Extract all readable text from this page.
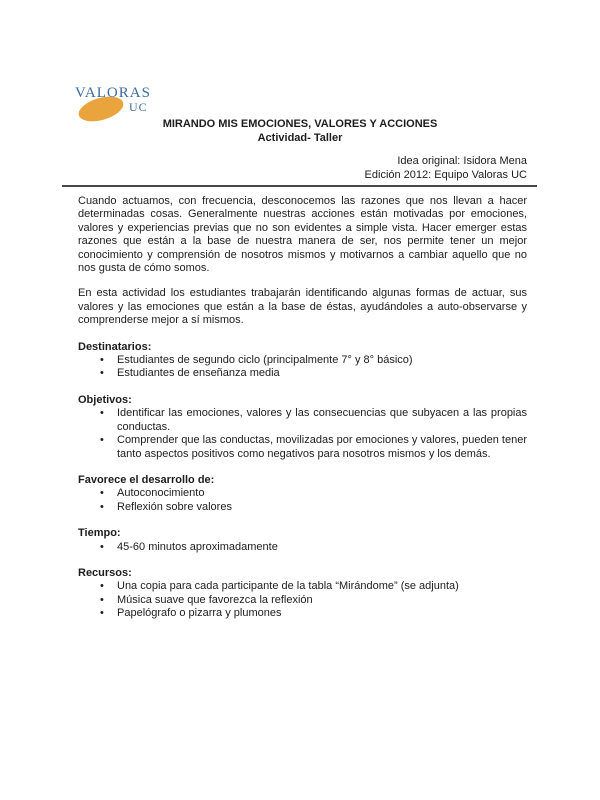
VALORAS
UC
MIRANDO MIS EMOCIONES, VALORES Y ACCIONES
Actividad- Taller
Idea original: Isidora Mena
Edición 2012: Equipo Valoras UC

Cuando actuamos, con frecuencia, desconocemos las razones que nos llevan a hacer determinadas cosas. Generalmente nuestras acciones están motivadas por emociones, valores y experiencias previas que no son evidentes a simple vista. Hacer emerger estas razones que están a la base de nuestra manera de ser, nos permite tener un mejor conocimiento y comprensión de nosotros mismos y motivarnos a cambiar aquello que no nos gusta de cómo somos.

En esta actividad los estudiantes trabajarán identificando algunas formas de actuar, sus valores y las emociones que están a la base de éstas, ayudándoles a auto-observarse y comprenderse mejor a sí mismos.

Destinatarios:
• Estudiantes de segundo ciclo (principalmente 7° y 8° básico)
• Estudiantes de enseñanza media
Objetivos:
• Identificar las emociones, valores y las consecuencias que subyacen a las propias conductas.
• Comprender que las conductas, movilizadas por emociones y valores, pueden tener tanto aspectos positivos como negativos para nosotros mismos y los demás.
Favorece el desarrollo de:
• Autoconocimiento
• Reflexión sobre valores
Tiempo:
• 45-60 minutos aproximadamente
Recursos:
• Una copia para cada participante de la tabla “Mirándome” (se adjunta)
• Música suave que favorezca la reflexión
• Papelógrafo o pizarra y plumones
